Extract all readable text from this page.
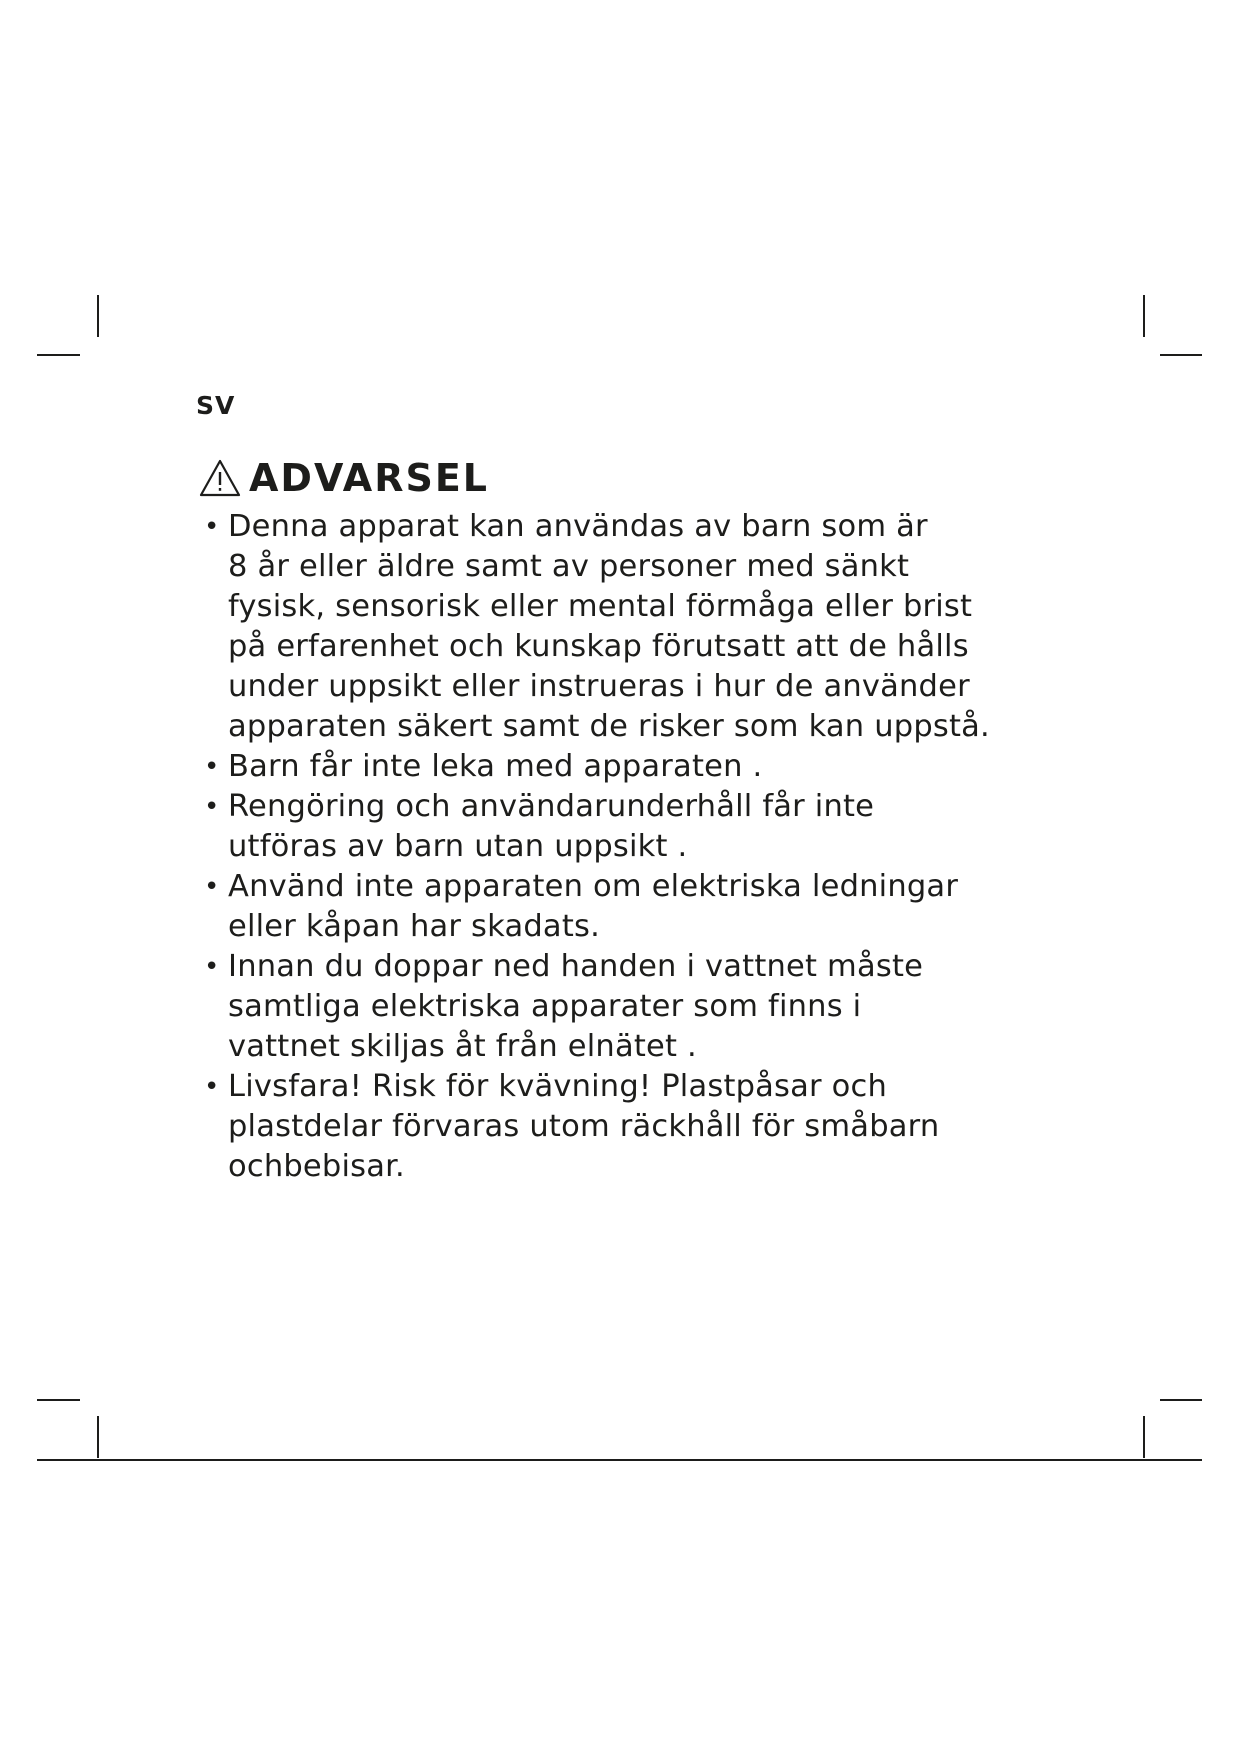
SV

ADVARSEL
• Denna apparat kan användas av barn som är
8 år eller äldre samt av personer med sänkt
fysisk, sensorisk eller mental förmåga eller brist
på erfarenhet och kunskap förutsatt att de hålls
under uppsikt eller instrueras i hur de använder
apparaten säkert samt de risker som kan uppstå.
• Barn får inte leka med apparaten .
• Rengöring och användarunderhåll får inte
utföras av barn utan uppsikt .
• Använd inte apparaten om elektriska ledningar
eller kåpan har skadats.
• Innan du doppar ned handen i vattnet måste
samtliga elektriska apparater som finns i
vattnet skiljas åt från elnätet .
• Livsfara! Risk för kvävning! Plastpåsar och
plastdelar förvaras utom räckhåll för småbarn
ochbebisar.
